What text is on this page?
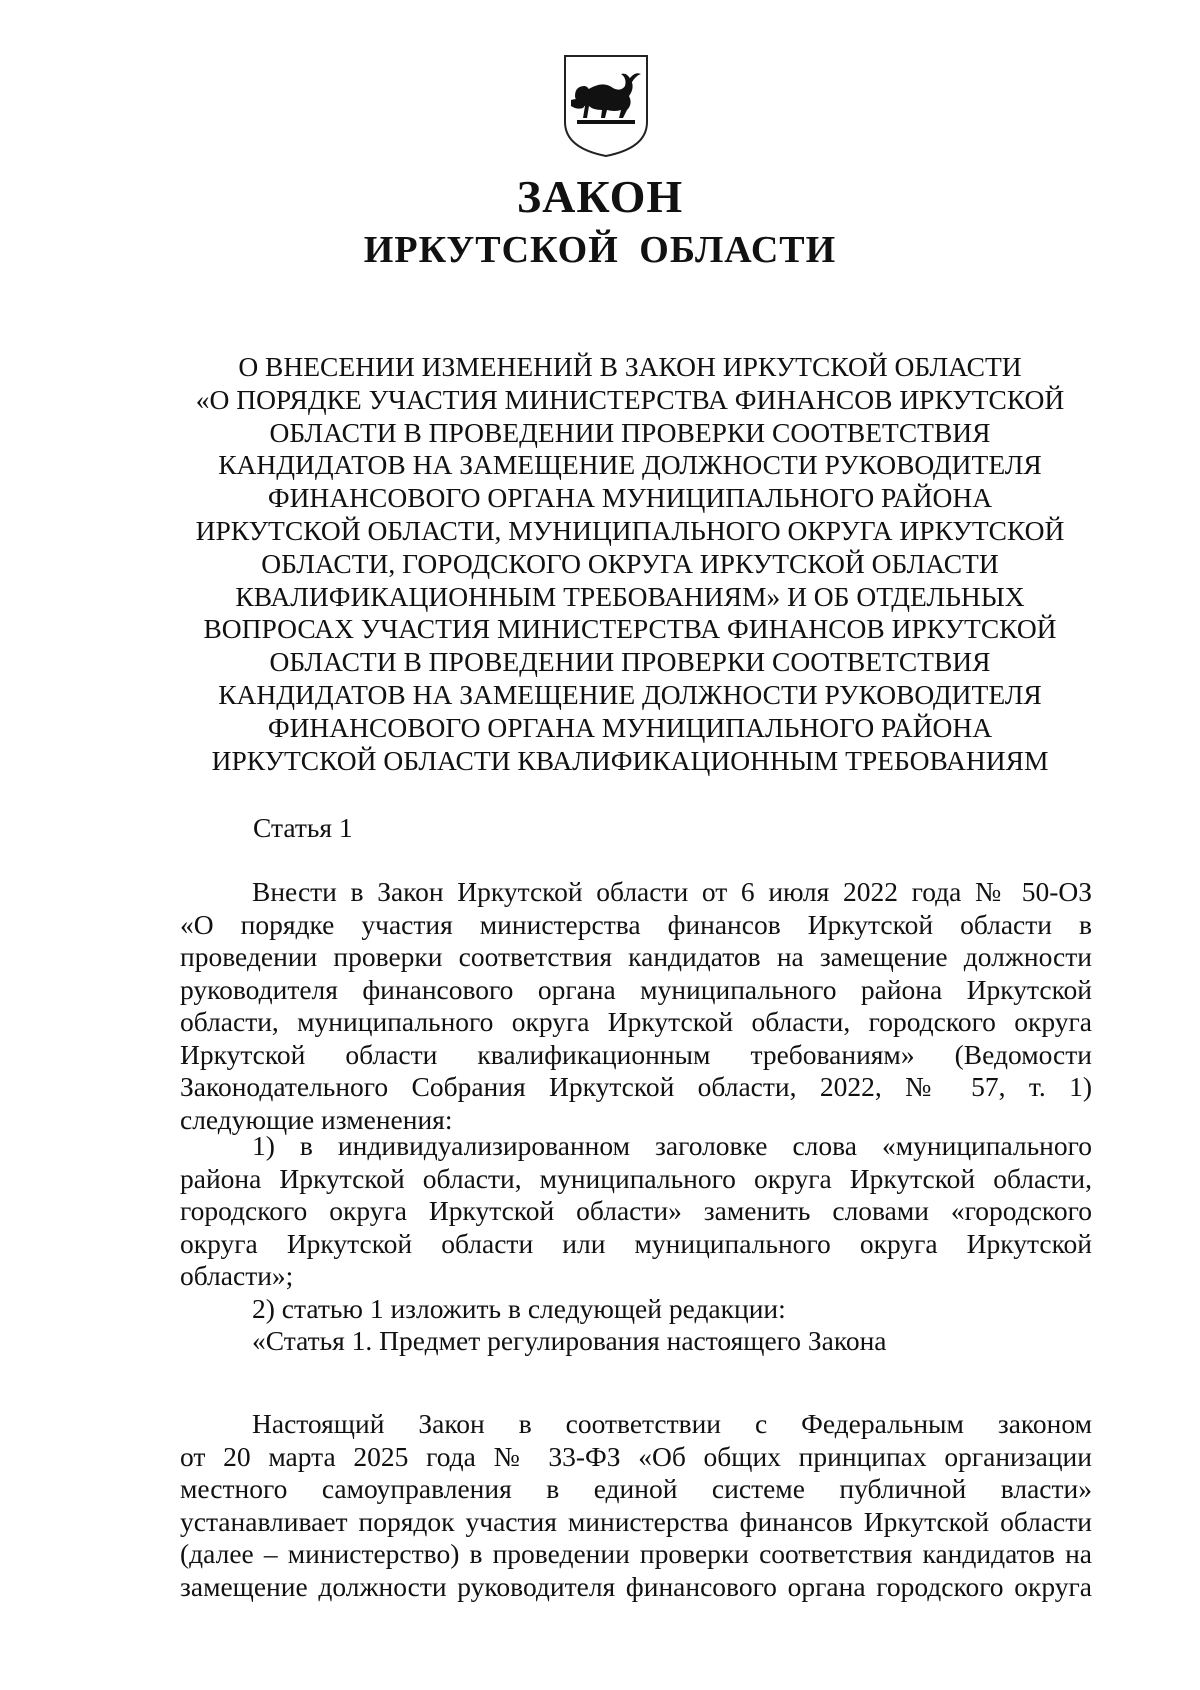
ЗАКОН
ИРКУТСКОЙ ОБЛАСТИ
О ВНЕСЕНИИ ИЗМЕНЕНИЙ В ЗАКОН ИРКУТСКОЙ ОБЛАСТИ
«О ПОРЯДКЕ УЧАСТИЯ МИНИСТЕРСТВА ФИНАНСОВ ИРКУТСКОЙ
ОБЛАСТИ В ПРОВЕДЕНИИ ПРОВЕРКИ СООТВЕТСТВИЯ
КАНДИДАТОВ НА ЗАМЕЩЕНИЕ ДОЛЖНОСТИ РУКОВОДИТЕЛЯ
ФИНАНСОВОГО ОРГАНА МУНИЦИПАЛЬНОГО РАЙОНА
ИРКУТСКОЙ ОБЛАСТИ, МУНИЦИПАЛЬНОГО ОКРУГА ИРКУТСКОЙ
ОБЛАСТИ, ГОРОДСКОГО ОКРУГА ИРКУТСКОЙ ОБЛАСТИ
КВАЛИФИКАЦИОННЫМ ТРЕБОВАНИЯМ» И ОБ ОТДЕЛЬНЫХ
ВОПРОСАХ УЧАСТИЯ МИНИСТЕРСТВА ФИНАНСОВ ИРКУТСКОЙ
ОБЛАСТИ В ПРОВЕДЕНИИ ПРОВЕРКИ СООТВЕТСТВИЯ
КАНДИДАТОВ НА ЗАМЕЩЕНИЕ ДОЛЖНОСТИ РУКОВОДИТЕЛЯ
ФИНАНСОВОГО ОРГАНА МУНИЦИПАЛЬНОГО РАЙОНА
ИРКУТСКОЙ ОБЛАСТИ КВАЛИФИКАЦИОННЫМ ТРЕБОВАНИЯМ

Статья 1

Внести в Закон Иркутской области от 6 июля 2022 года № 50-ОЗ
«О порядке участия министерства финансов Иркутской области в
проведении проверки соответствия кандидатов на замещение должности
руководителя финансового органа муниципального района Иркутской
области, муниципального округа Иркутской области, городского округа
Иркутской области квалификационным требованиям» (Ведомости
Законодательного Собрания Иркутской области, 2022, № 57, т. 1)
следующие изменения:
1) в индивидуализированном заголовке слова «муниципального
района Иркутской области, муниципального округа Иркутской области,
городского округа Иркутской области» заменить словами «городского
округа Иркутской области или муниципального округа Иркутской
области»;
2) статью 1 изложить в следующей редакции:
«Статья 1. Предмет регулирования настоящего Закона
Настоящий Закон в соответствии с Федеральным законом
от 20 марта 2025 года № 33-ФЗ «Об общих принципах организации
местного самоуправления в единой системе публичной власти»
устанавливает порядок участия министерства финансов Иркутской области
(далее – министерство) в проведении проверки соответствия кандидатов на
замещение должности руководителя финансового органа городского округа
